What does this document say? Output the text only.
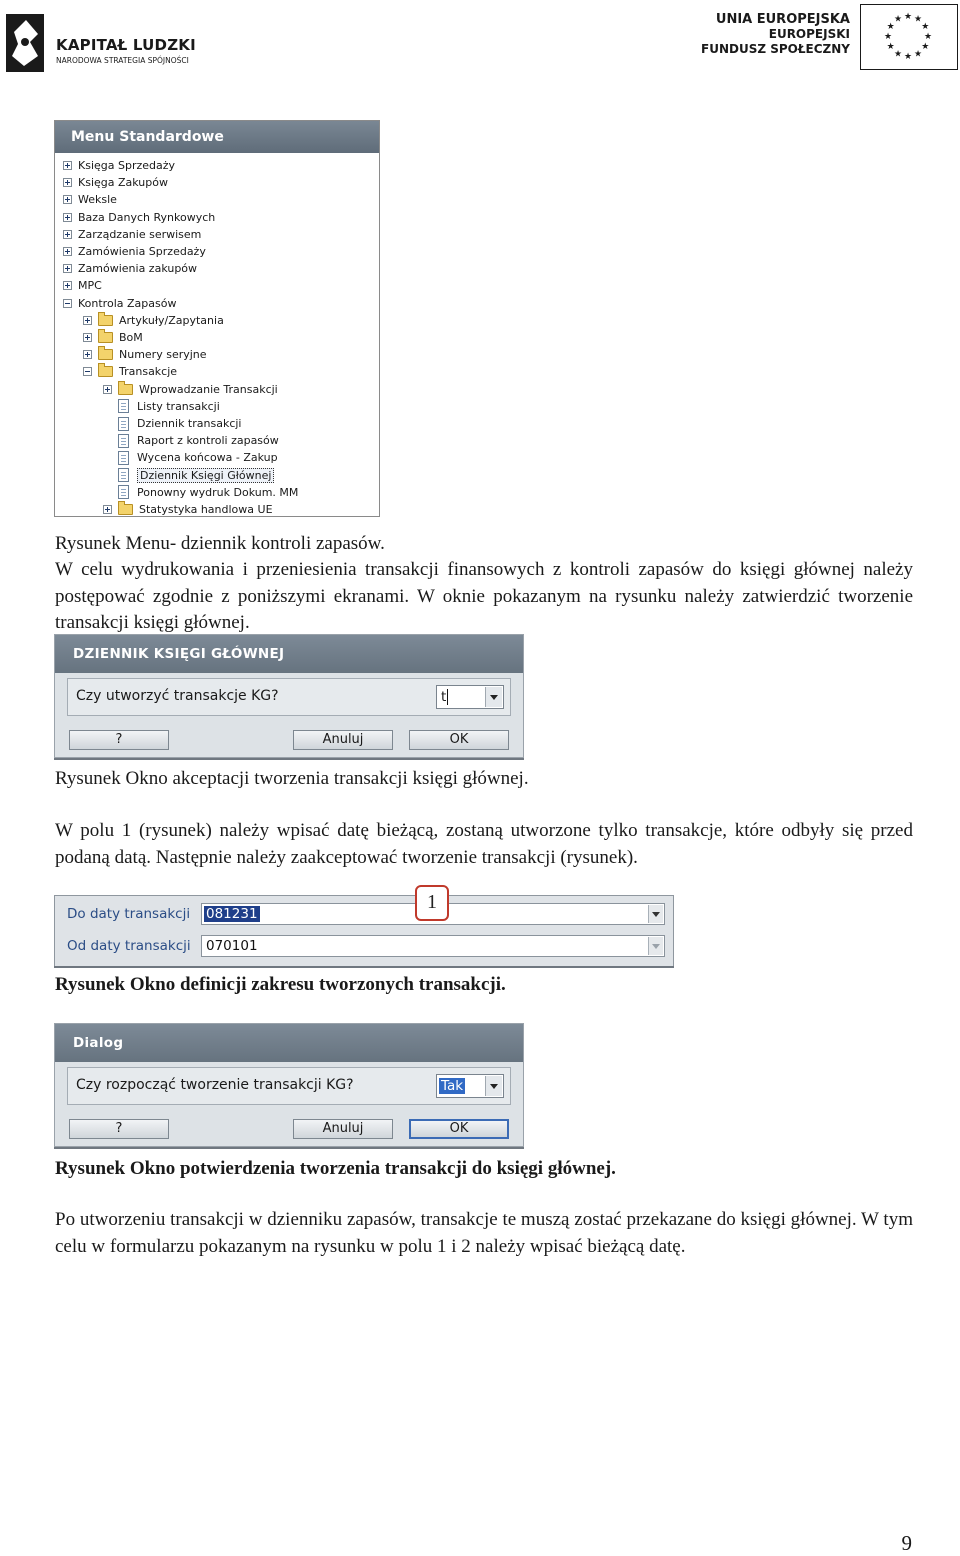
KAPITAŁ LUDZKI
NARODOWA STRATEGIA SPÓJNOŚCI
UNIA EUROPEJSKA
EUROPEJSKI
FUNDUSZ SPOŁECZNY
★
★
★
★
★
★
★
★
★ ★ ★
★
Menu Standardowe
Księga Sprzedaży
Księga Zakupów
Weksle
Baza Danych Rynkowych
Zarządzanie serwisem
Zamówienia Sprzedaży
Zamówienia zakupów
MPC
Kontrola Zapasów
Artykuły/Zapytania
BoM
Numery seryjne
Transakcje
Wprowadzanie Transakcji
Listy transakcji
Dziennik transakcji
Raport z kontroli zapasów
Wycena końcowa - Zakup
Dziennik Księgi Głównej
Ponowny wydruk Dokum. MM
Statystyka handlowa UE
Rysunek Menu- dziennik kontroli zapasów.
W celu wydrukowania i przeniesienia transakcji finansowych z kontroli zapasów do księgi głównej należy postępować zgodnie z poniższymi ekranami. W oknie pokazanym na rysunku należy zatwierdzić tworzenie transakcji księgi głównej.
DZIENNIK KSIĘGI GŁÓWNEJ
Czy utworzyć transakcje KG?	t
?	Anuluj	OK
Rysunek Okno akceptacji tworzenia transakcji księgi głównej.
W polu 1 (rysunek) należy wpisać datę bieżącą, zostaną utworzone tylko transakcje, które odbyły się przed podaną datą. Następnie należy zaakceptować tworzenie transakcji (rysunek).
Do daty transakcji 081231
Od daty transakcji 070101
1
Rysunek Okno definicji zakresu tworzonych transakcji.
Dialog
Czy rozpocząć tworzenie transakcji KG?	Tak
?	Anuluj	OK
Rysunek Okno potwierdzenia tworzenia transakcji do księgi głównej.
Po utworzeniu transakcji w dzienniku zapasów, transakcje te muszą zostać przekazane do księgi głównej. W tym celu w formularzu pokazanym na rysunku w polu 1 i 2 należy wpisać bieżącą datę.
9
